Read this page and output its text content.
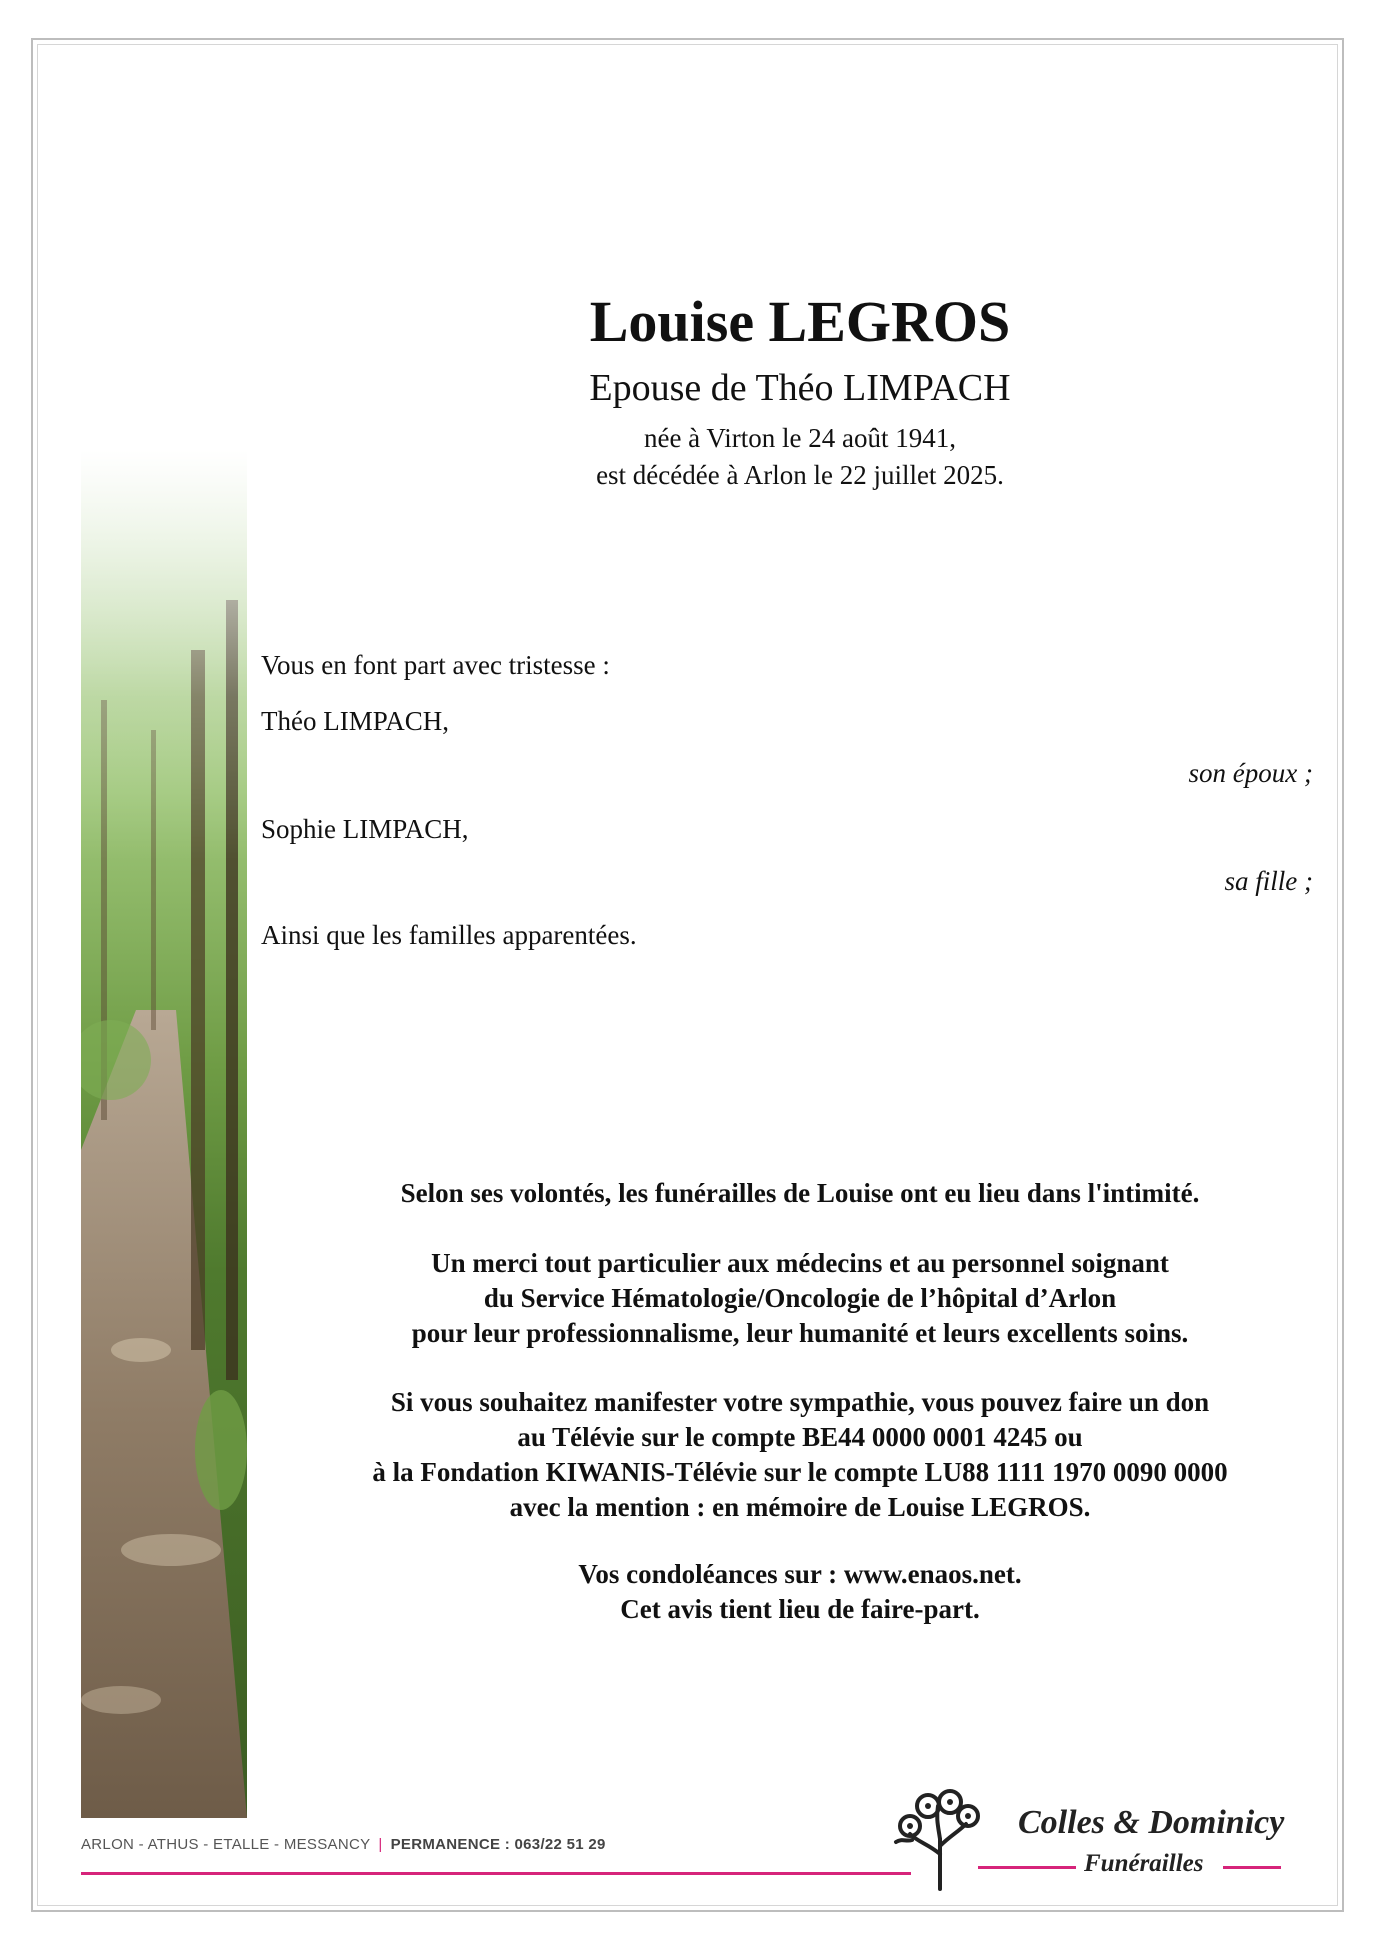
Louise LEGROS
Epouse de Théo LIMPACH
née à Virton le 24 août 1941,
est décédée à Arlon le 22 juillet 2025.
Vous en font part avec tristesse :
Théo LIMPACH,
son époux ;
Sophie LIMPACH,
sa fille ;
Ainsi que les familles apparentées.
Selon ses volontés, les funérailles de Louise ont eu lieu dans l'intimité.
Un merci tout particulier aux médecins et au personnel soignant
du Service Hématologie/Oncologie de l’hôpital d’Arlon
pour leur professionnalisme, leur humanité et leurs excellents soins.
Si vous souhaitez manifester votre sympathie, vous pouvez faire un don
au Télévie sur le compte BE44 0000 0001 4245 ou
à la Fondation KIWANIS-Télévie sur le compte LU88 1111 1970 0090 0000
avec la mention : en mémoire de Louise LEGROS.
Vos condoléances sur : www.enaos.net.
Cet avis tient lieu de faire-part.
ARLON - ATHUS - ETALLE - MESSANCY | PERMANENCE : 063/22 51 29
Colles & Dominicy
Funérailles
